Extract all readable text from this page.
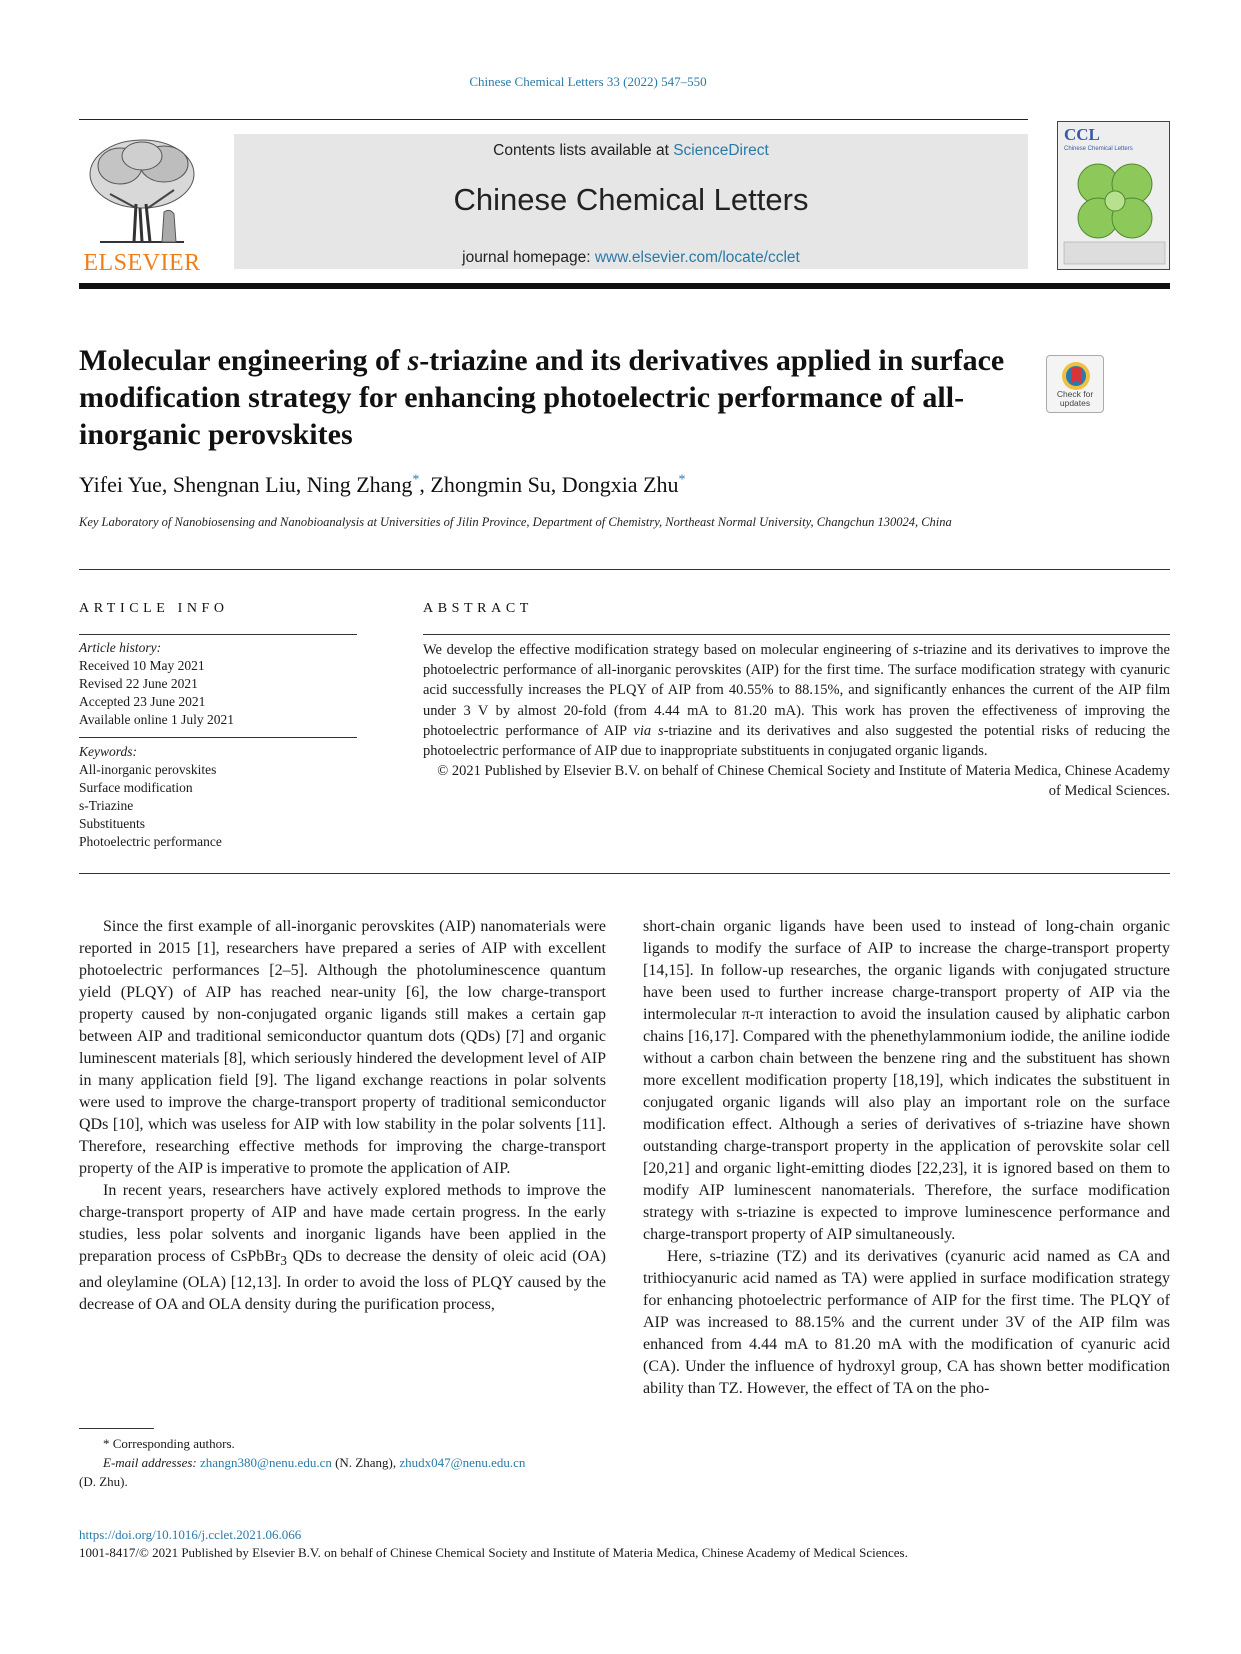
Chinese Chemical Letters 33 (2022) 547–550
ELSEVIER
Contents lists available at ScienceDirect
Chinese Chemical Letters
journal homepage: www.elsevier.com/locate/cclet
CCL
Chinese Chemical Letters
Molecular engineering of s-triazine and its derivatives applied in surface modification strategy for enhancing photoelectric performance of all-inorganic perovskites
Check for
updates
Yifei Yue, Shengnan Liu, Ning Zhang*, Zhongmin Su, Dongxia Zhu*
Key Laboratory of Nanobiosensing and Nanobioanalysis at Universities of Jilin Province, Department of Chemistry, Northeast Normal University, Changchun 130024, China
ARTICLE INFO	ABSTRACT
Article history:
Received 10 May 2021
Revised 22 June 2021
Accepted 23 June 2021
Available online 1 July 2021
Keywords:
All-inorganic perovskites
Surface modification
s-Triazine
Substituents
Photoelectric performance
We develop the effective modification strategy based on molecular engineering of s-triazine and its derivatives to improve the photoelectric performance of all-inorganic perovskites (AIP) for the first time. The surface modification strategy with cyanuric acid successfully increases the PLQY of AIP from 40.55% to 88.15%, and significantly enhances the current of the AIP film under 3 V by almost 20-fold (from 4.44 mA to 81.20 mA). This work has proven the effectiveness of improving the photoelectric performance of AIP via s-triazine and its derivatives and also suggested the potential risks of reducing the photoelectric performance of AIP due to inappropriate substituents in conjugated organic ligands.
© 2021 Published by Elsevier B.V. on behalf of Chinese Chemical Society and Institute of Materia Medica, Chinese Academy of Medical Sciences.

Since the first example of all-inorganic perovskites (AIP) nanomaterials were reported in 2015 [1], researchers have prepared a series of AIP with excellent photoelectric performances [2–5]. Although the photoluminescence quantum yield (PLQY) of AIP has reached near-unity [6], the low charge-transport property caused by non-conjugated organic ligands still makes a certain gap between AIP and traditional semiconductor quantum dots (QDs) [7] and organic luminescent materials [8], which seriously hindered the development level of AIP in many application field [9]. The ligand exchange reactions in polar solvents were used to improve the charge-transport property of traditional semiconductor QDs [10], which was useless for AIP with low stability in the polar solvents [11]. Therefore, researching effective methods for improving the charge-transport property of the AIP is imperative to promote the application of AIP.

In recent years, researchers have actively explored methods to improve the charge-transport property of AIP and have made certain progress. In the early studies, less polar solvents and inorganic ligands have been applied in the preparation process of CsPbBr$_3$ QDs to decrease the density of oleic acid (OA) and oleylamine (OLA) [12,13]. In order to avoid the loss of PLQY caused by the decrease of OA and OLA density during the purification process,

short-chain organic ligands have been used to instead of long-chain organic ligands to modify the surface of AIP to increase the charge-transport property [14,15]. In follow-up researches, the organic ligands with conjugated structure have been used to further increase charge-transport property of AIP via the intermolecular π-π interaction to avoid the insulation caused by aliphatic carbon chains [16,17]. Compared with the phenethylammonium iodide, the aniline iodide without a carbon chain between the benzene ring and the substituent has shown more excellent modification property [18,19], which indicates the substituent in conjugated organic ligands will also play an important role on the surface modification effect. Although a series of derivatives of s-triazine have shown outstanding charge-transport property in the application of perovskite solar cell [20,21] and organic light-emitting diodes [22,23], it is ignored based on them to modify AIP luminescent nanomaterials. Therefore, the surface modification strategy with s-triazine is expected to improve luminescence performance and charge-transport property of AIP simultaneously.

Here, s-triazine (TZ) and its derivatives (cyanuric acid named as CA and trithiocyanuric acid named as TA) were applied in surface modification strategy for enhancing photoelectric performance of AIP for the first time. The PLQY of AIP was increased to 88.15% and the current under 3V of the AIP film was enhanced from 4.44 mA to 81.20 mA with the modification of cyanuric acid (CA). Under the influence of hydroxyl group, CA has shown better modification ability than TZ. However, the effect of TA on the pho-

* Corresponding authors.
E-mail addresses: zhangn380@nenu.edu.cn (N. Zhang), zhudx047@nenu.edu.cn
(D. Zhu).
https://doi.org/10.1016/j.cclet.2021.06.066
1001-8417/© 2021 Published by Elsevier B.V. on behalf of Chinese Chemical Society and Institute of Materia Medica, Chinese Academy of Medical Sciences.
